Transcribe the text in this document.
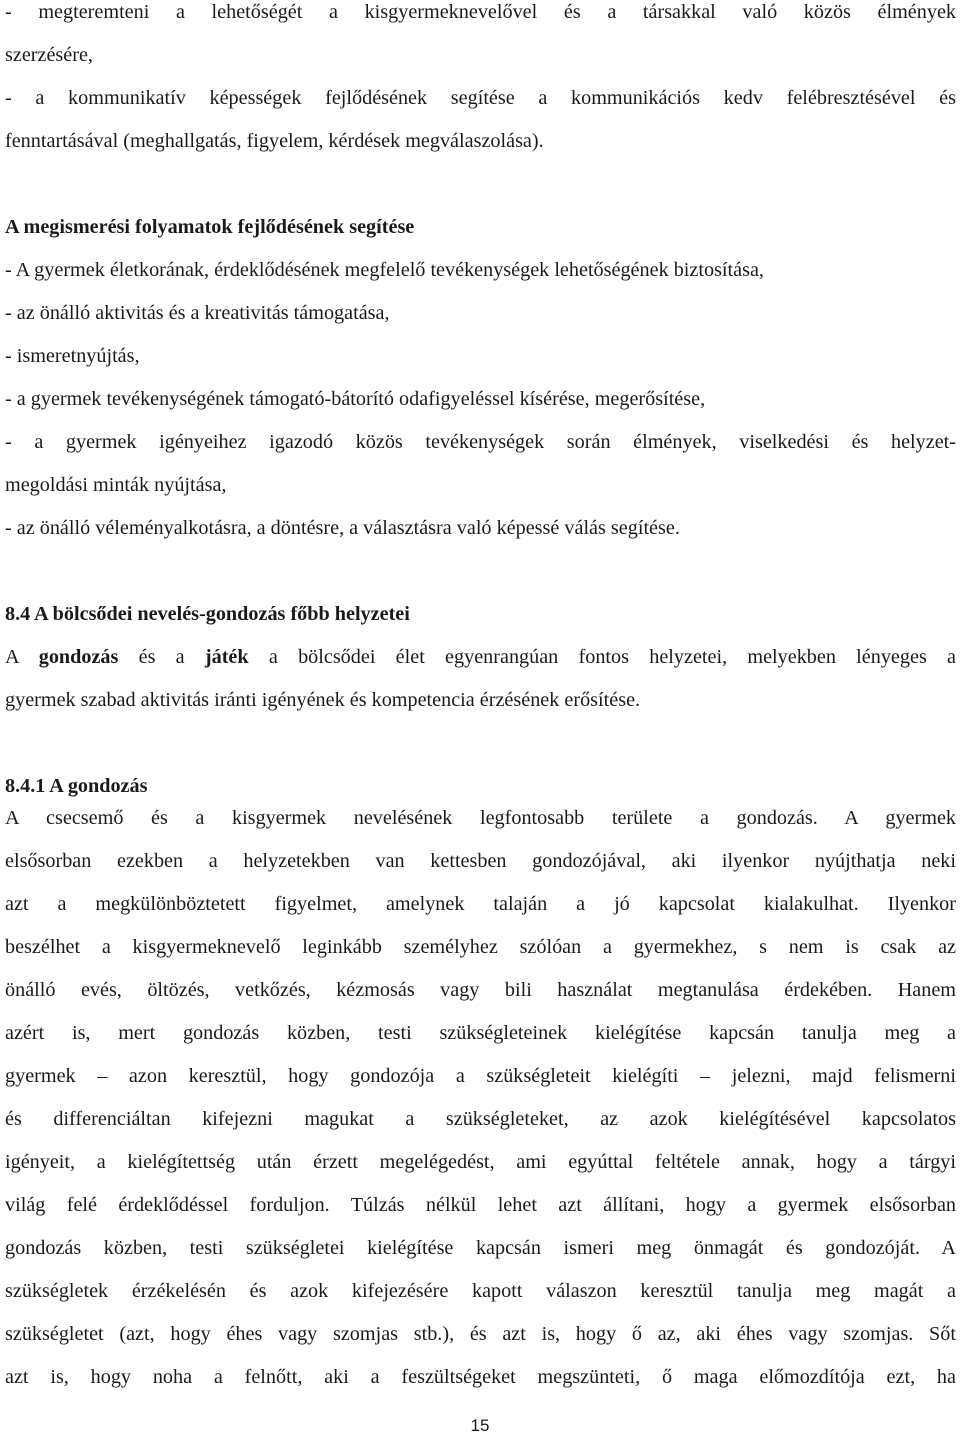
- megteremteni a lehetőségét a kisgyermeknevelővel és a társakkal való közös élmények
szerzésére,
- a kommunikatív képességek fejlődésének segítése a kommunikációs kedv felébresztésével és
fenntartásával (meghallgatás, figyelem, kérdések megválaszolása).
A megismerési folyamatok fejlődésének segítése
- A gyermek életkorának, érdeklődésének megfelelő tevékenységek lehetőségének biztosítása,
- az önálló aktivitás és a kreativitás támogatása,
- ismeretnyújtás,
- a gyermek tevékenységének támogató-bátorító odafigyeléssel kísérése, megerősítése,
- a gyermek igényeihez igazodó közös tevékenységek során élmények, viselkedési és helyzet-
megoldási minták nyújtása,
- az önálló véleményalkotásra, a döntésre, a választásra való képessé válás segítése.
8.4 A bölcsődei nevelés-gondozás főbb helyzetei
A gondozás és a játék a bölcsődei élet egyenrangúan fontos helyzetei, melyekben lényeges a
gyermek szabad aktivitás iránti igényének és kompetencia érzésének erősítése.
8.4.1 A gondozás
A csecsemő és a kisgyermek nevelésének legfontosabb területe a gondozás. A gyermek
elsősorban ezekben a helyzetekben van kettesben gondozójával, aki ilyenkor nyújthatja neki
azt a megkülönböztetett figyelmet, amelynek talaján a jó kapcsolat kialakulhat. Ilyenkor
beszélhet a kisgyermeknevelő leginkább személyhez szólóan a gyermekhez, s nem is csak az
önálló evés, öltözés, vetkőzés, kézmosás vagy bili használat megtanulása érdekében. Hanem
azért is, mert gondozás közben, testi szükségleteinek kielégítése kapcsán tanulja meg a
gyermek – azon keresztül, hogy gondozója a szükségleteit kielégíti – jelezni, majd felismerni
és differenciáltan kifejezni magukat a szükségleteket, az azok kielégítésével kapcsolatos
igényeit, a kielégítettség után érzett megelégedést, ami egyúttal feltétele annak, hogy a tárgyi
világ felé érdeklődéssel forduljon. Túlzás nélkül lehet azt állítani, hogy a gyermek elsősorban
gondozás közben, testi szükségletei kielégítése kapcsán ismeri meg önmagát és gondozóját. A
szükségletek érzékelésén és azok kifejezésére kapott válaszon keresztül tanulja meg magát a
szükségletet (azt, hogy éhes vagy szomjas stb.), és azt is, hogy ő az, aki éhes vagy szomjas. Sőt
azt is, hogy noha a felnőtt, aki a feszültségeket megszünteti, ő maga előmozdítója ezt, ha
15
